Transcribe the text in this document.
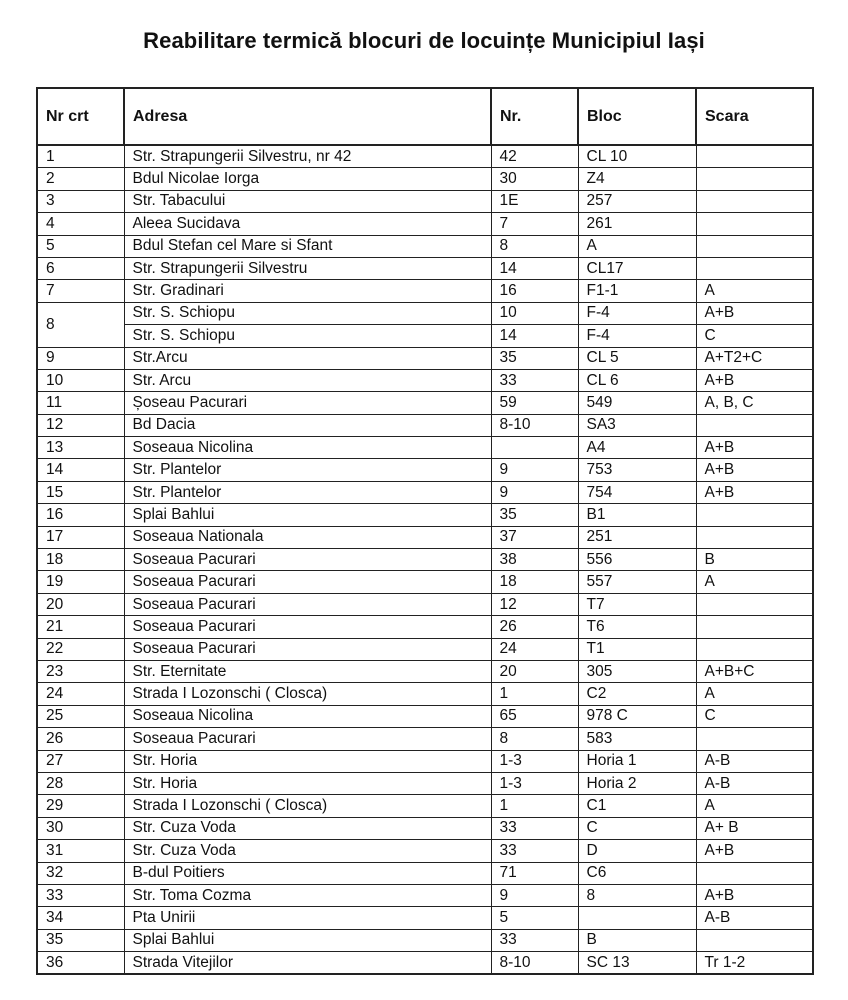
Reabilitare termică blocuri de locuințe Municipiul Iași
Nr crt	Adresa	Nr.	Bloc	Scara
1	Str. Strapungerii Silvestru, nr 42	42	CL 10	
2	Bdul Nicolae Iorga	30	Z4	
3	Str. Tabacului	1E	257	
4	Aleea Sucidava	7	261	
5	Bdul Stefan cel Mare si Sfant	8	A	
6	Str. Strapungerii Silvestru	14	CL17	
7	Str. Gradinari	16	F1-1	A
8	Str. S. Schiopu	10	F-4	A+B
	Str. S. Schiopu	14	F-4	C
9	Str.Arcu	35	CL 5	A+T2+C
10	Str. Arcu	33	CL 6	A+B
11	Șoseau Pacurari	59	549	A, B, C
12	Bd Dacia	8-10	SA3	
13	Soseaua Nicolina		A4	A+B
14	Str. Plantelor	9	753	A+B
15	Str. Plantelor	9	754	A+B
16	Splai Bahlui	35	B1	
17	Soseaua Nationala	37	251	
18	Soseaua Pacurari	38	556	B
19	Soseaua Pacurari	18	557	A
20	Soseaua Pacurari	12	T7	
21	Soseaua Pacurari	26	T6	
22	Soseaua Pacurari	24	T1	
23	Str. Eternitate	20	305	A+B+C
24	Strada I Lozonschi ( Closca)	1	C2	A
25	Soseaua Nicolina	65	978 C	C
26	Soseaua Pacurari	8	583	
27	Str. Horia	1-3	Horia 1	A-B
28	Str. Horia	1-3	Horia 2	A-B
29	Strada I Lozonschi ( Closca)	1	C1	A
30	Str. Cuza Voda	33	C	A+ B
31	Str. Cuza Voda	33	D	A+B
32	B-dul Poitiers	71	C6	
33	Str. Toma Cozma	9	8	A+B
34	Pta Unirii	5		A-B
35	Splai Bahlui	33	B	
36	Strada Vitejilor	8-10	SC 13	Tr 1-2
